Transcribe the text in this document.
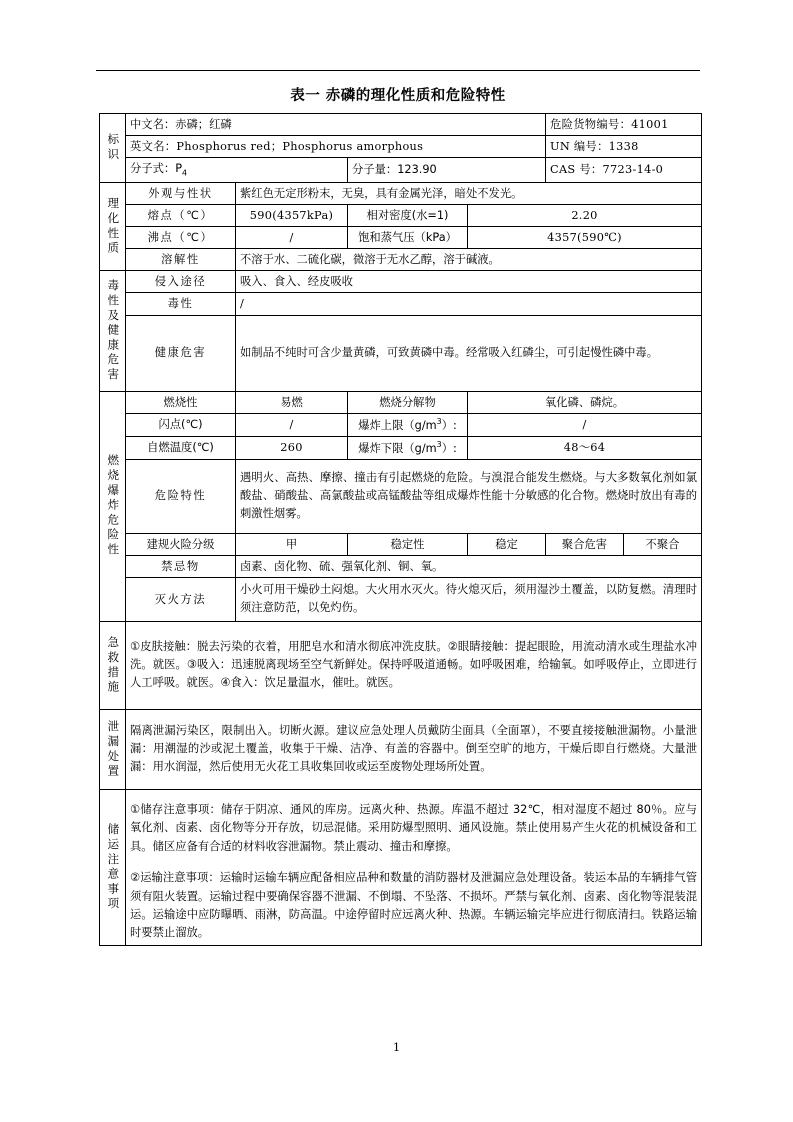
表一 赤磷的理化性质和危险特性
标识	中文名：赤磷；红磷				危险货物编号：41001	
	英文名：Phosphorus red；Phosphorus amorphous				UN 编号：1338	
	分子式：$P_4$		分子量：123.90		CAS 号：7723-14-0	

理化性质	外观与性状	紫红色无定形粉末，无臭，具有金属光泽，暗处不发光。				
	熔点（℃）	590(4357kPa)	相对密度(水=1)	2.20		
	沸点（℃）	/	饱和蒸气压（kPa）	4357(590℃)		
	溶解性	不溶于水、二硫化碳，微溶于无水乙醇，溶于碱液。				

毒性及健康危害	侵入途径	吸入、食入、经皮吸收				
	毒性	/				
	健康危害	如制品不纯时可含少量黄磷，可致黄磷中毒。经常吸入红磷尘，可引起慢性磷中毒。				

燃烧爆炸危险性	燃烧性	易燃	燃烧分解物	氧化磷、磷烷。		
	闪点(℃)	/	爆炸上限$(g/m^3)$:	/		
	自燃温度(℃)	260	爆炸下限$(g/m^3)$:	48～64		
	危险特性	遇明火、高热、摩擦、撞击有引起燃烧的危险。与溴混合能发生燃烧。与大多数氧化剂如氯酸盐、硝酸盐、高氯酸盐或高锰酸盐等组成爆炸性能十分敏感的化合物。燃烧时放出有毒的刺激性烟雾。				
	建规火险分级	甲	稳定性	稳定	聚合危害	不聚合
	禁忌物	卤素、卤化物、硫、强氧化剂、铜、氧。				
	灭火方法	小火可用干燥砂土闷熄。大火用水灭火。待火熄灭后，须用湿沙土覆盖，以防复燃。清理时须注意防范，以免灼伤。				

急救措施	①皮肤接触：脱去污染的衣着，用肥皂水和清水彻底冲洗皮肤。②眼睛接触：提起眼睑，用流动清水或生理盐水冲洗。就医。③吸入：迅速脱离现场至空气新鲜处。保持呼吸道通畅。如呼吸困难，给输氧。如呼吸停止，立即进行人工呼吸。就医。④食入：饮足量温水，催吐。就医。					

泄漏处置	隔离泄漏污染区，限制出入。切断火源。建议应急处理人员戴防尘面具（全面罩），不要直接接触泄漏物。小量泄漏：用潮湿的沙或泥土覆盖，收集于干燥、洁净、有盖的容器中。倒至空旷的地方，干燥后即自行燃烧。大量泄漏：用水润湿，然后使用无火花工具收集回收或运至废物处理场所处置。					

储运注意事项	①储存注意事项：储存于阴凉、通风的库房。远离火种、热源。库温不超过 32℃，相对湿度不超过 80％。应与氧化剂、卤素、卤化物等分开存放，切忌混储。采用防爆型照明、通风设施。禁止使用易产生火花的机械设备和工具。储区应备有合适的材料收容泄漏物。禁止震动、撞击和摩擦。					
	②运输注意事项：运输时运输车辆应配备相应品种和数量的消防器材及泄漏应急处理设备。装运本品的车辆排气管须有阻火装置。运输过程中要确保容器不泄漏、不倒塌、不坠落、不损坏。严禁与氧化剂、卤素、卤化物等混装混运。运输途中应防曝晒、雨淋，防高温。中途停留时应远离火种、热源。车辆运输完毕应进行彻底清扫。铁路运输时要禁止溜放。					
1
